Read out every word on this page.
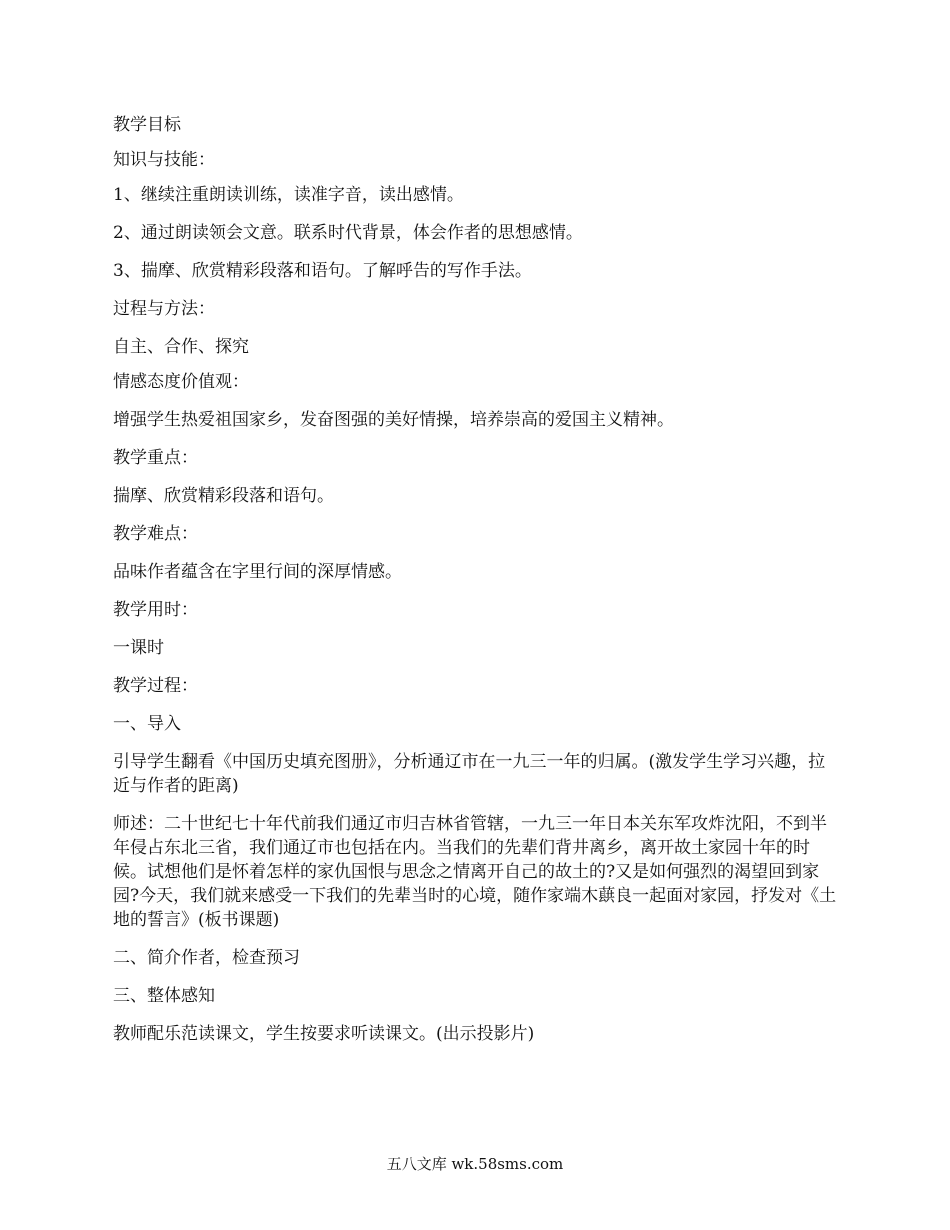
教学目标

知识与技能：

1、继续注重朗读训练，读准字音，读出感情。

2、通过朗读领会文意。联系时代背景，体会作者的思想感情。

3、揣摩、欣赏精彩段落和语句。了解呼告的写作手法。

过程与方法：

自主、合作、探究

情感态度价值观：

增强学生热爱祖国家乡，发奋图强的美好情操，培养崇高的爱国主义精神。

教学重点：

揣摩、欣赏精彩段落和语句。

教学难点：

品味作者蕴含在字里行间的深厚情感。

教学用时：

一课时

教学过程：

一、导入

引导学生翻看《中国历史填充图册》，分析通辽市在一九三一年的归属。(激发学生学习兴趣，拉近与作者的距离)

师述：二十世纪七十年代前我们通辽市归吉林省管辖，一九三一年日本关东军攻炸沈阳，不到半年侵占东北三省，我们通辽市也包括在内。当我们的先辈们背井离乡，离开故土家园十年的时候。试想他们是怀着怎样的家仇国恨与思念之情离开自己的故土的?又是如何强烈的渴望回到家园?今天，我们就来感受一下我们的先辈当时的心境，随作家端木蕻良一起面对家园，抒发对《土地的誓言》(板书课题)

二、简介作者，检查预习

三、整体感知

教师配乐范读课文，学生按要求听读课文。(出示投影片)

五八文库 wk.58sms.com
